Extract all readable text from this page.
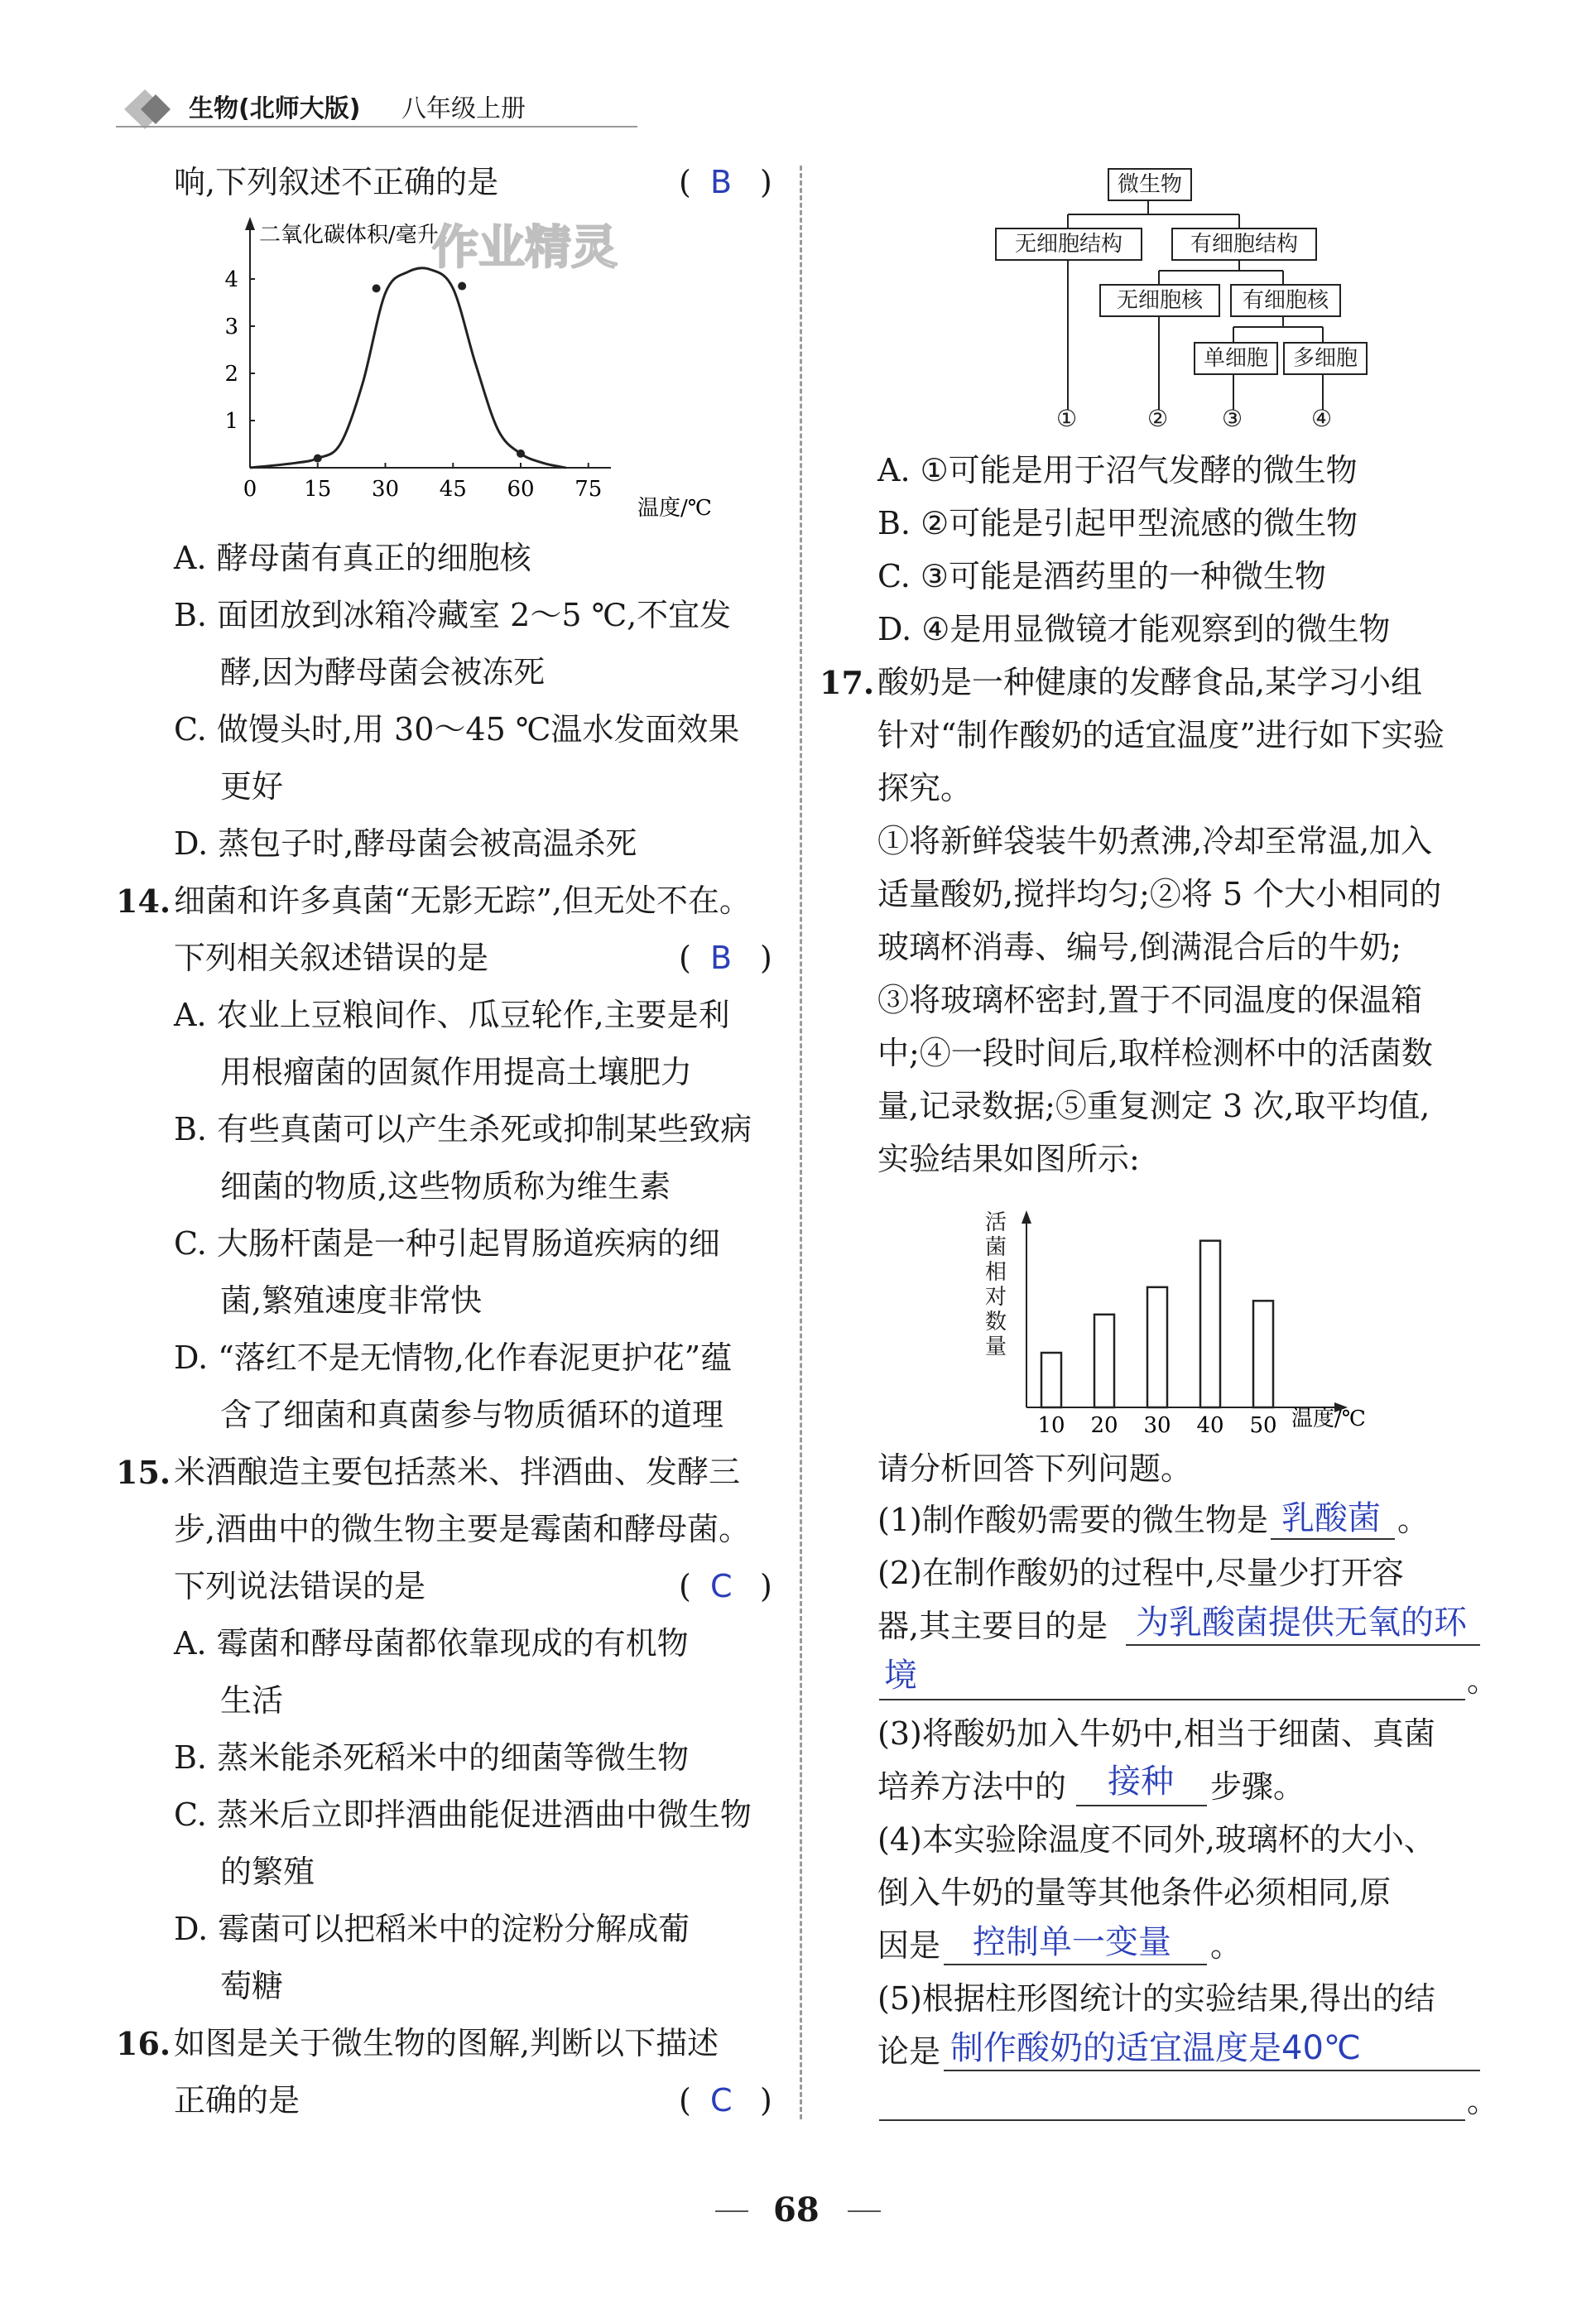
生物(北师大版) 八年级上册
响,下列叙述不正确的是	( B )
二氧化碳体积/毫升
作业精灵
0 15 30 45 60 75
1
2
3
4
温度/℃
A. 酵母菌有真正的细胞核
B. 面团放到冰箱冷藏室 2～5 ℃,不宜发
酵,因为酵母菌会被冻死
C. 做馒头时,用 30～45 ℃温水发面效果
更好
D. 蒸包子时,酵母菌会被高温杀死
14. 细菌和许多真菌“无影无踪”,但无处不在。
下列相关叙述错误的是	( B )
A. 农业上豆粮间作、瓜豆轮作,主要是利
用根瘤菌的固氮作用提高土壤肥力
B. 有些真菌可以产生杀死或抑制某些致病
细菌的物质,这些物质称为维生素
C. 大肠杆菌是一种引起胃肠道疾病的细
菌,繁殖速度非常快
D. “落红不是无情物,化作春泥更护花”蕴
含了细菌和真菌参与物质循环的道理
15. 米酒酿造主要包括蒸米、拌酒曲、发酵三
步,酒曲中的微生物主要是霉菌和酵母菌。
下列说法错误的是	( C )
A. 霉菌和酵母菌都依靠现成的有机物
生活
B. 蒸米能杀死稻米中的细菌等微生物
C. 蒸米后立即拌酒曲能促进酒曲中微生物
的繁殖
D. 霉菌可以把稻米中的淀粉分解成葡
萄糖
16. 如图是关于微生物的图解,判断以下描述
正确的是	( C )
微生物
无细胞结构	有细胞结构
无细胞核	有细胞核
单细胞	多细胞
①	② ③	④
A. ①可能是用于沼气发酵的微生物
B. ②可能是引起甲型流感的微生物
C. ③可能是酒药里的一种微生物
D. ④是用显微镜才能观察到的微生物
17. 酸奶是一种健康的发酵食品,某学习小组
针对“制作酸奶的适宜温度”进行如下实验
探究。
①将新鲜袋装牛奶煮沸,冷却至常温,加入
适量酸奶,搅拌均匀;②将 5 个大小相同的
玻璃杯消毒、编号,倒满混合后的牛奶;
③将玻璃杯密封,置于不同温度的保温箱
中;④一段时间后,取样检测杯中的活菌数
量,记录数据;⑤重复测定 3 次,取平均值,
实验结果如图所示:
活菌相对数量
10 20 30 40 50 温度/℃
请分析回答下列问题。
(1)制作酸奶需要的微生物是 乳酸菌 。
(2)在制作酸奶的过程中,尽量少打开容
器,其主要目的是 为乳酸菌提供无氧的环
境	。
(3)将酸奶加入牛奶中,相当于细菌、真菌
培养方法中的 接种 步骤。
(4)本实验除温度不同外,玻璃杯的大小、
倒入牛奶的量等其他条件必须相同,原
因是 控制单一变量 。
(5)根据柱形图统计的实验结果,得出的结
论是 制作酸奶的适宜温度是40℃
。
68
